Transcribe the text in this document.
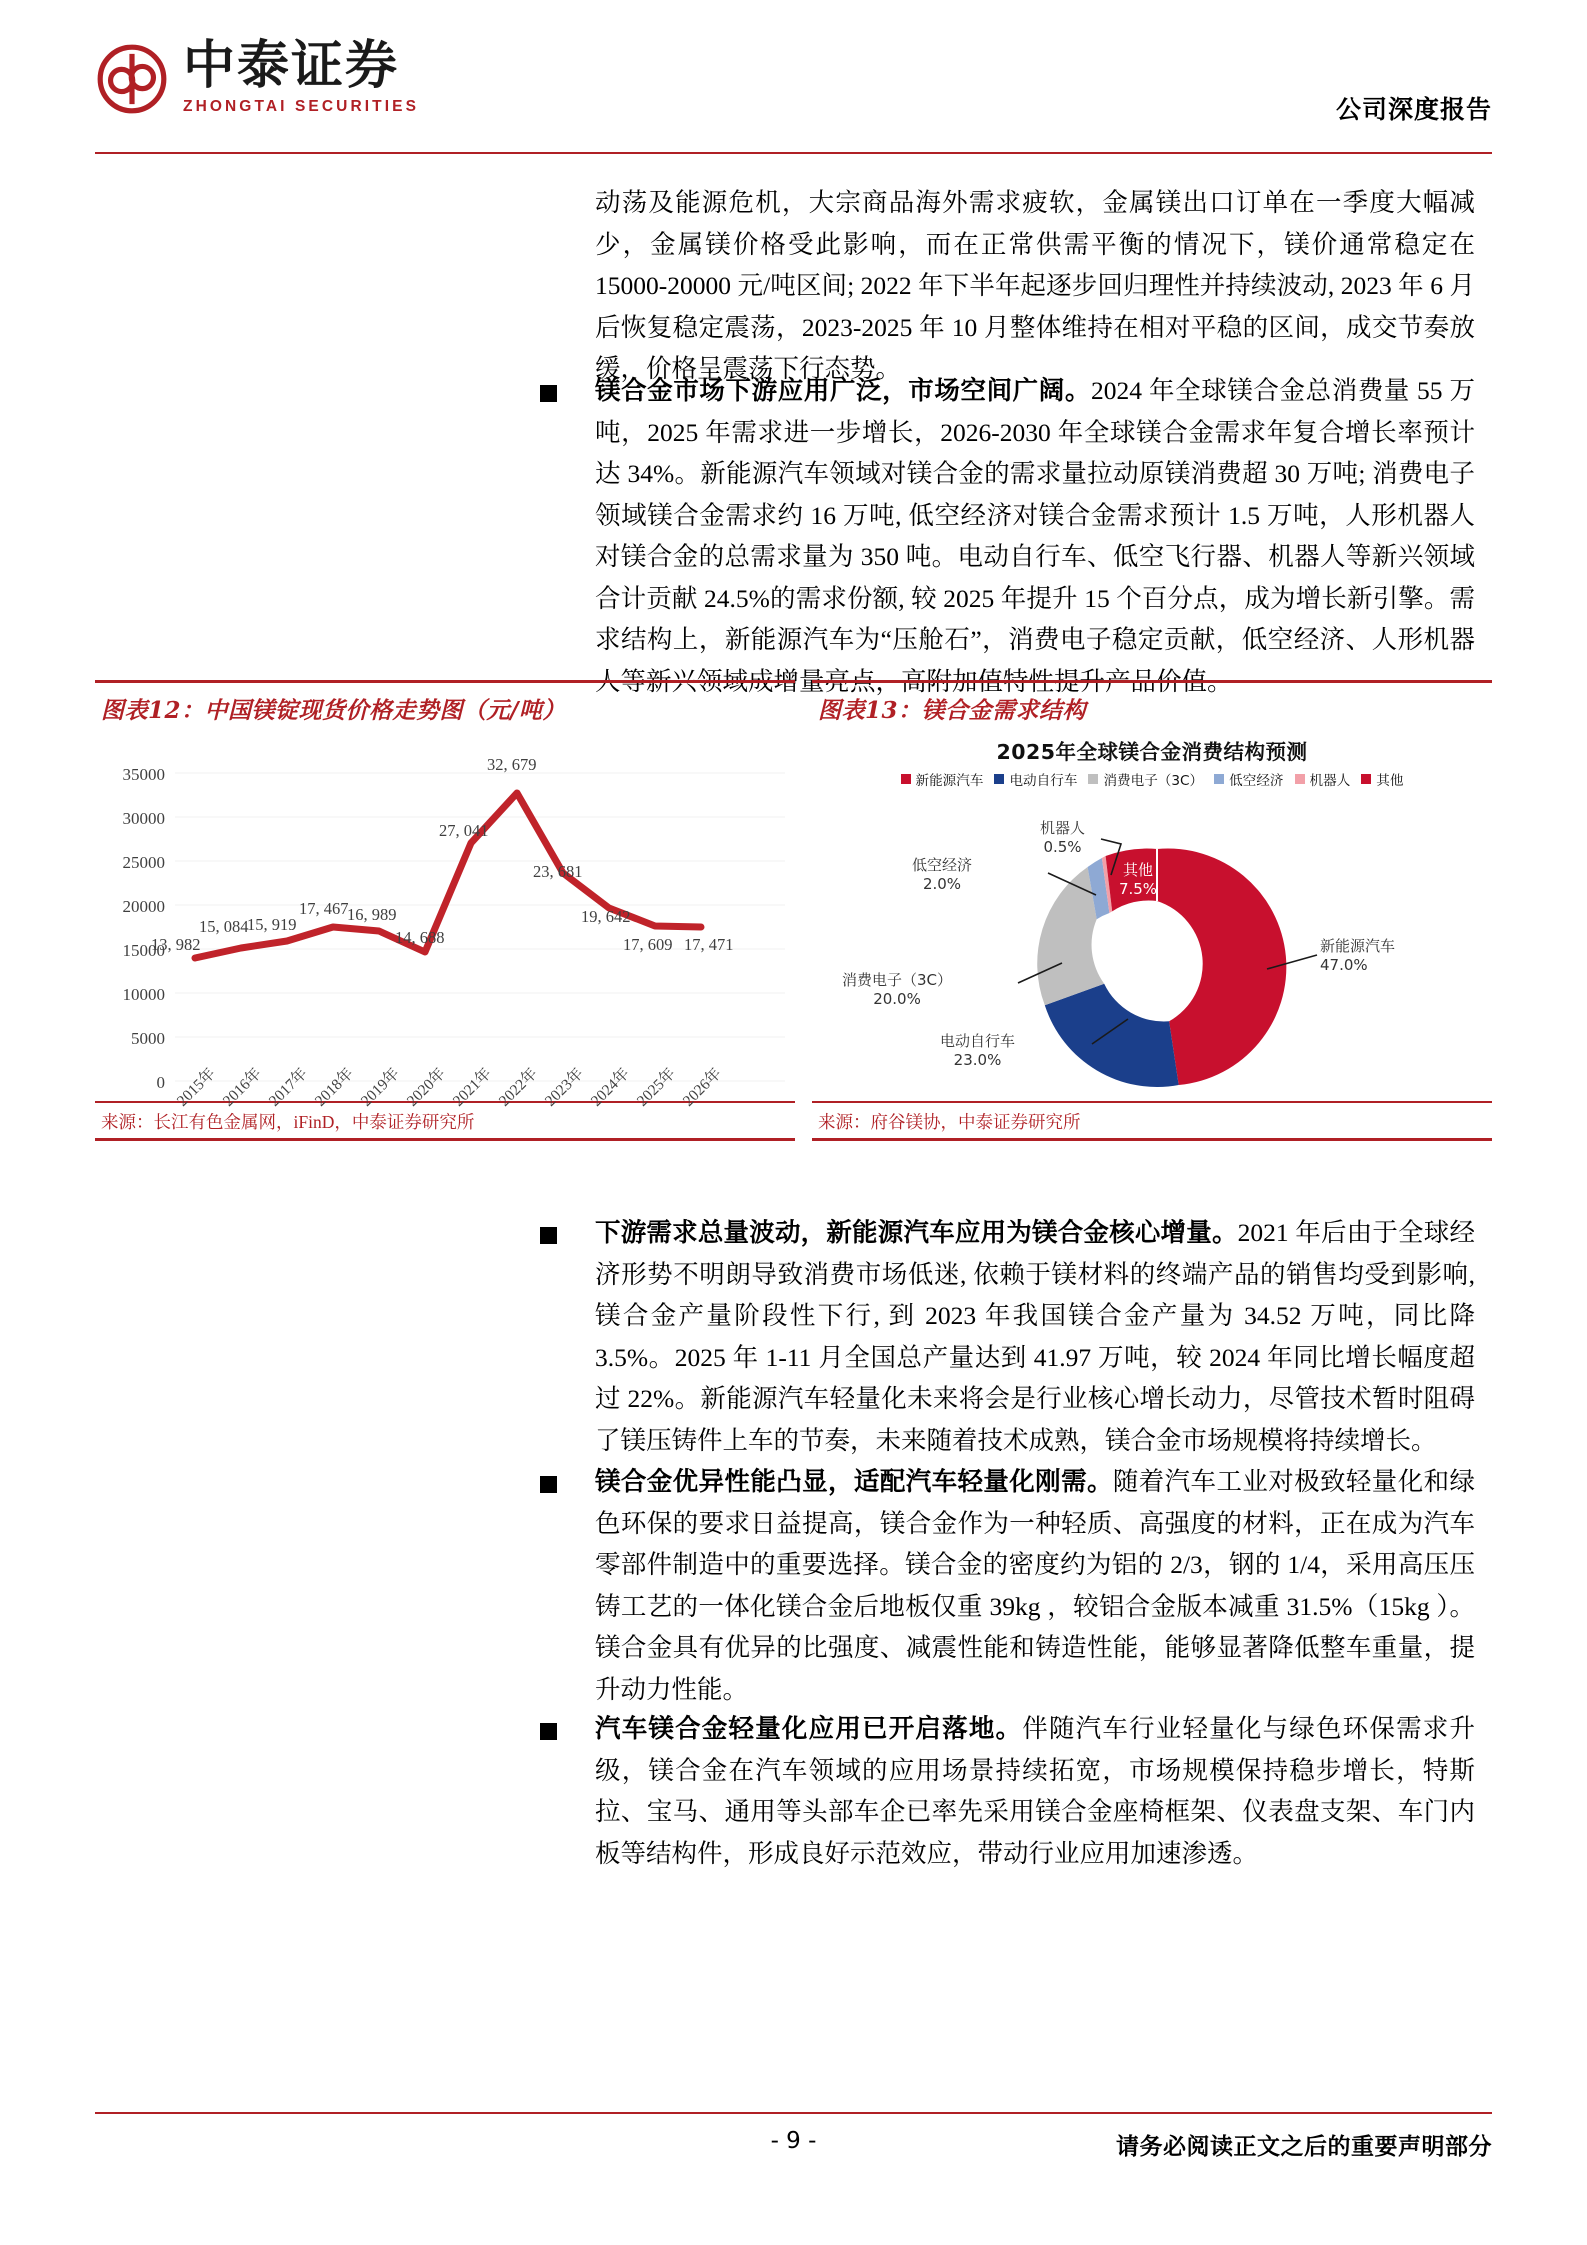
中泰证券
ZHONGTAI SECURITIES	公司深度报告

动荡及能源危机，大宗商品海外需求疲软，金属镁出口订单在一季度大幅减少，金属镁价格受此影响，而在正常供需平衡的情况下，镁价通常稳定在15000-20000 元/吨区间; 2022 年下半年起逐步回归理性并持续波动, 2023 年 6 月后恢复稳定震荡，2023-2025 年 10 月整体维持在相对平稳的区间，成交节奏放缓，价格呈震荡下行态势。

镁合金市场下游应用广泛，市场空间广阔。2024 年全球镁合金总消费量 55 万吨，2025 年需求进一步增长，2026-2030 年全球镁合金需求年复合增长率预计达 34%。新能源汽车领域对镁合金的需求量拉动原镁消费超 30 万吨; 消费电子领域镁合金需求约 16 万吨, 低空经济对镁合金需求预计 1.5 万吨，人形机器人对镁合金的总需求量为 350 吨。电动自行车、低空飞行器、机器人等新兴领域合计贡献 24.5%的需求份额, 较 2025 年提升 15 个百分点，成为增长新引擎。需求结构上，新能源汽车为“压舱石”，消费电子稳定贡献，低空经济、人形机器人等新兴领域成增量亮点，高附加值特性提升产品价值。
图表12：中国镁锭现货价格走势图（元/吨）
35000
30000
25000
20000
15000
10000
5000
0
13, 982
15, 084
15, 919
17, 467
16, 989
14, 688
27, 041
32, 679
23, 681
19, 642
17, 609 17, 471
2015年 2016年 2017年 2018年 2019年 2020年 2021年 2022年 2023年 2024年 2025年 2026年
来源：长江有色金属网，iFinD，中泰证券研究所
图表13：镁合金需求结构
2025年全球镁合金消费结构预测
新能源汽车 电动自行车 消费电子（3C） 低空经济 机器人 其他
新能源汽车
47.0%
电动自行车
23.0%
消费电子（3C）
20.0%
低空经济
2.0%
机器人
0.5%
其他
7.5%
来源：府谷镁协，中泰证券研究所
下游需求总量波动，新能源汽车应用为镁合金核心增量。2021 年后由于全球经济形势不明朗导致消费市场低迷, 依赖于镁材料的终端产品的销售均受到影响, 镁合金产量阶段性下行, 到 2023 年我国镁合金产量为 34.52 万吨，同比降 3.5%。2025 年 1-11 月全国总产量达到 41.97 万吨，较 2024 年同比增长幅度超过 22%。新能源汽车轻量化未来将会是行业核心增长动力，尽管技术暂时阻碍了镁压铸件上车的节奏，未来随着技术成熟，镁合金市场规模将持续增长。
镁合金优异性能凸显，适配汽车轻量化刚需。随着汽车工业对极致轻量化和绿色环保的要求日益提高，镁合金作为一种轻质、高强度的材料，正在成为汽车零部件制造中的重要选择。镁合金的密度约为铝的 2/3，钢的 1/4，采用高压压铸工艺的一体化镁合金后地板仅重 39kg ，较铝合金版本减重 31.5%（15kg ）。镁合金具有优异的比强度、减震性能和铸造性能，能够显著降低整车重量，提升动力性能。
汽车镁合金轻量化应用已开启落地。伴随汽车行业轻量化与绿色环保需求升级，镁合金在汽车领域的应用场景持续拓宽，市场规模保持稳步增长，特斯拉、宝马、通用等头部车企已率先采用镁合金座椅框架、仪表盘支架、车门内板等结构件，形成良好示范效应，带动行业应用加速渗透。
- 9 -	请务必阅读正文之后的重要声明部分
